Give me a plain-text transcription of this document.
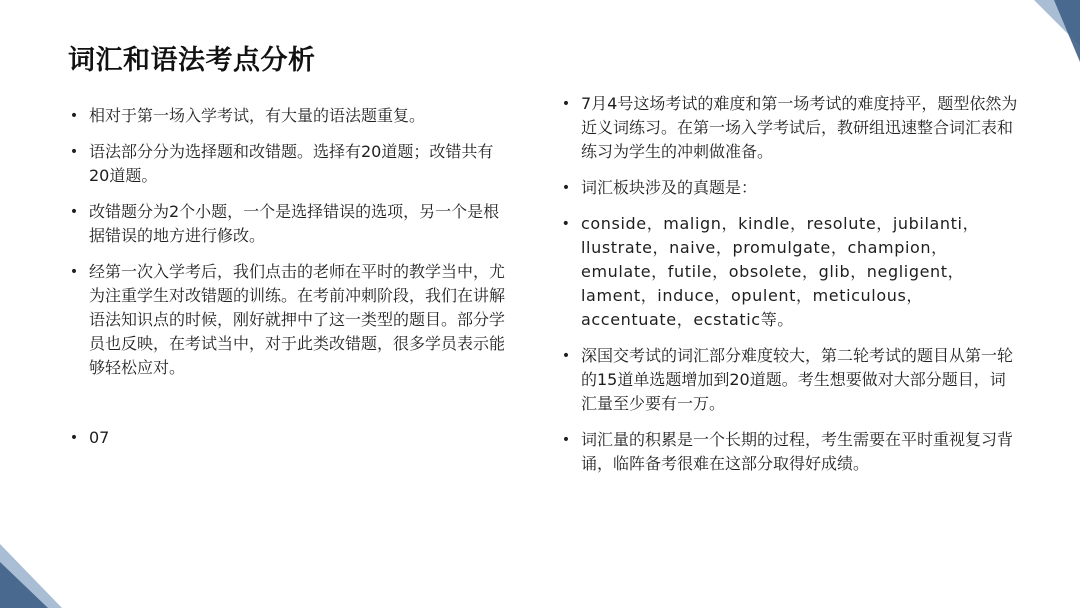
词汇和语法考点分析
• 相对于第一场入学考试，有大量的语法题重复。
• 语法部分分为选择题和改错题。选择有20道题；改错共有20道题。
• 改错题分为2个小题，一个是选择错误的选项，另一个是根据错误的地方进行修改。
• 经第一次入学考后，我们点击的老师在平时的教学当中，尤为注重学生对改错题的训练。在考前冲刺阶段，我们在讲解语法知识点的时候，刚好就押中了这一类型的题目。部分学员也反映，在考试当中，对于此类改错题，很多学员表示能够轻松应对。
• 07
• 7月4号这场考试的难度和第一场考试的难度持平，题型依然为近义词练习。在第一场入学考试后，教研组迅速整合词汇表和练习为学生的冲刺做准备。
• 词汇板块涉及的真题是：
• conside，malign，kindle，resolute，jubilanti，llustrate，naive，promulgate，champion，emulate，futile，obsolete，glib，negligent，lament，induce，opulent，meticulous，accentuate，ecstatic等。
• 深国交考试的词汇部分难度较大，第二轮考试的题目从第一轮的15道单选题增加到20道题。考生想要做对大部分题目，词汇量至少要有一万。
• 词汇量的积累是一个长期的过程，考生需要在平时重视复习背诵，临阵备考很难在这部分取得好成绩。
